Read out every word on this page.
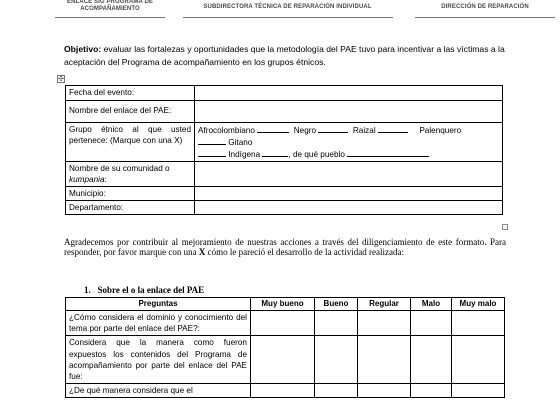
ENLACE SIG PROGRAMA DE ACOMPAÑAMIENTO	SUBDIRECTORA TÉCNICA DE REPARACIÓN INDIVIDUAL	DIRECCIÓN DE REPARACIÓN
Objetivo: evaluar las fortalezas y oportunidades que la metodología del PAE tuvo para incentivar a las víctimas a la aceptación del Programa de acompañamiento en los grupos étnicos.
✣
Fecha del evento:	
Nombre del enlace del PAE:	
Grupo étnico al que usted pertenece: (Marque con una X)	Afrocolombiano Negro Raizal Palenquero
Gitano
Indígena , de qué pueblo

Nombre de su comunidad o kumpania:	
Municipio:	
Departamento:	
Agradecemos por contribuir al mejoramiento de nuestras acciones a través del diligenciamiento de este formato. Para responder, por favor marque con una X cómo le pareció el desarrollo de la actividad realizada:
1. Sobre el o la enlace del PAE
Preguntas	Muy bueno	Bueno	Regular	Malo	Muy malo
¿Cómo considera el dominio y conocimiento del tema por parte del enlace del PAE?:					
Considera que la manera como fueron expuestos los contenidos del Programa de acompañamiento por parte del enlace del PAE fue:					
¿De qué manera considera que el					
